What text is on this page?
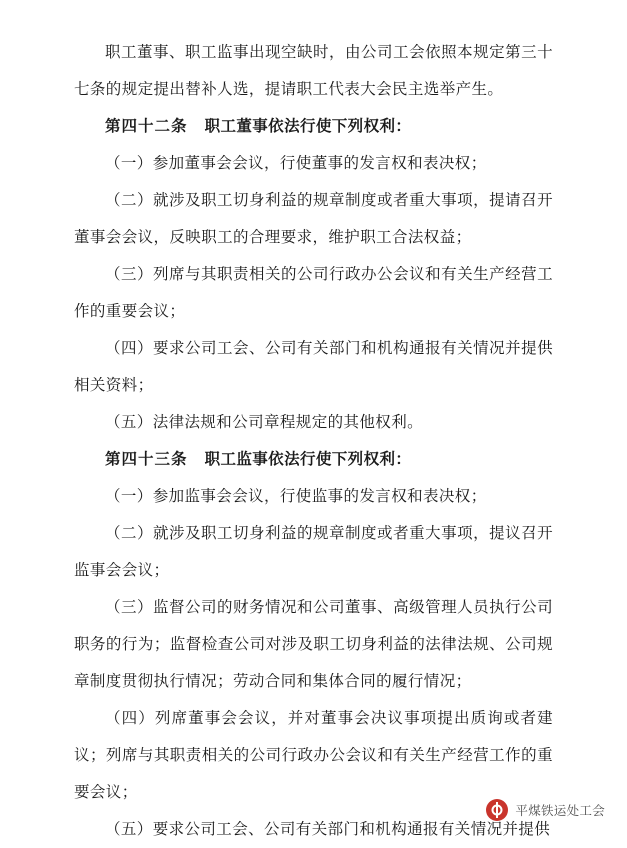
职工董事、职工监事出现空缺时，由公司工会依照本规定第三十七条的规定提出替补人选，提请职工代表大会民主选举产生。

第四十二条 职工董事依法行使下列权利：

（一）参加董事会会议，行使董事的发言权和表决权；

（二）就涉及职工切身利益的规章制度或者重大事项，提请召开董事会会议，反映职工的合理要求，维护职工合法权益；

（三）列席与其职责相关的公司行政办公会议和有关生产经营工作的重要会议；

（四）要求公司工会、公司有关部门和机构通报有关情况并提供相关资料；

（五）法律法规和公司章程规定的其他权利。

第四十三条 职工监事依法行使下列权利：

（一）参加监事会会议，行使监事的发言权和表决权；

（二）就涉及职工切身利益的规章制度或者重大事项，提议召开监事会会议；

（三）监督公司的财务情况和公司董事、高级管理人员执行公司职务的行为；监督检查公司对涉及职工切身利益的法律法规、公司规章制度贯彻执行情况；劳动合同和集体合同的履行情况；

（四）列席董事会会议，并对董事会决议事项提出质询或者建议；列席与其职责相关的公司行政办公会议和有关生产经营工作的重要会议；

（五）要求公司工会、公司有关部门和机构通报有关情况并提供

平煤铁运处工会
